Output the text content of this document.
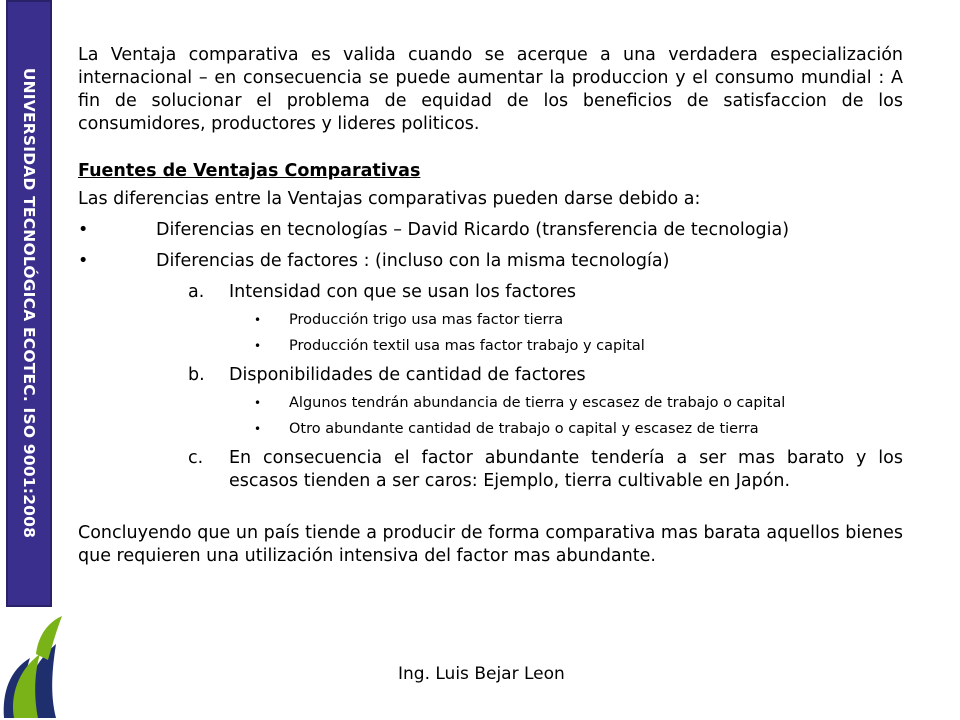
UNIVERSIDAD TECNOLÓGICA ECOTEC. ISO 9001:2008

La Ventaja comparativa es valida cuando se acerque a una verdadera especialización internacional – en consecuencia se puede aumentar la produccion y el consumo mundial : A fin de solucionar el problema de equidad de los beneficios de satisfaccion de los consumidores, productores y lideres politicos.

Fuentes de Ventajas Comparativas
Las diferencias entre la Ventajas comparativas pueden darse debido a:
•	Diferencias en tecnologías – David Ricardo (transferencia de tecnologia)
•	Diferencias de factores : (incluso con la misma tecnología)
a. Intensidad con que se usan los factores
• Producción trigo usa mas factor tierra
• Producción textil usa mas factor trabajo y capital
b. Disponibilidades de cantidad de factores
• Algunos tendrán abundancia de tierra y escasez de trabajo o capital
• Otro abundante cantidad de trabajo o capital y escasez de tierra
c. En consecuencia el factor abundante tendería a ser mas barato y los escasos tienden a ser caros: Ejemplo, tierra cultivable en Japón.

Concluyendo que un país tiende a producir de forma comparativa mas barata aquellos bienes que requieren una utilización intensiva del factor mas abundante.

Ing. Luis Bejar Leon
